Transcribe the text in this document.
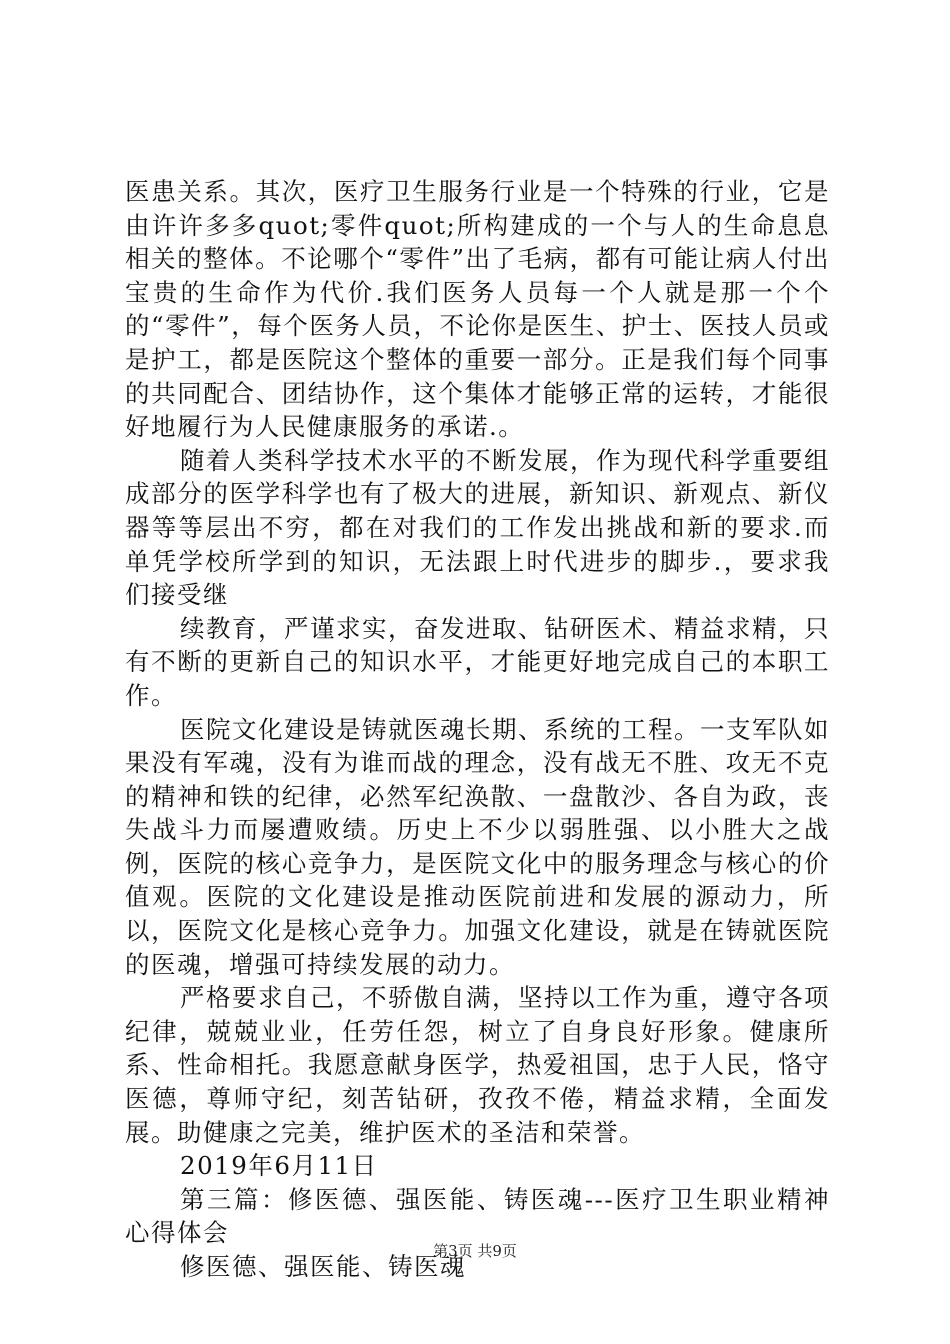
医患关系。其次，医疗卫生服务行业是一个特殊的行业，它是由许许多多quot;零件quot;所构建成的一个与人的生命息息相关的整体。不论哪个“零件”出了毛病，都有可能让病人付出宝贵的生命作为代价.我们医务人员每一个人就是那一个个的“零件”，每个医务人员，不论你是医生、护士、医技人员或是护工，都是医院这个整体的重要一部分。正是我们每个同事的共同配合、团结协作，这个集体才能够正常的运转，才能很好地履行为人民健康服务的承诺.。

随着人类科学技术水平的不断发展，作为现代科学重要组成部分的医学科学也有了极大的进展，新知识、新观点、新仪器等等层出不穷，都在对我们的工作发出挑战和新的要求.而单凭学校所学到的知识，无法跟上时代进步的脚步.，要求我们接受继

续教育，严谨求实，奋发进取、钻研医术、精益求精，只有不断的更新自己的知识水平，才能更好地完成自己的本职工作。

医院文化建设是铸就医魂长期、系统的工程。一支军队如果没有军魂，没有为谁而战的理念，没有战无不胜、攻无不克的精神和铁的纪律，必然军纪涣散、一盘散沙、各自为政，丧失战斗力而屡遭败绩。历史上不少以弱胜强、以小胜大之战例，医院的核心竞争力，是医院文化中的服务理念与核心的价值观。医院的文化建设是推动医院前进和发展的源动力，所以，医院文化是核心竞争力。加强文化建设，就是在铸就医院的医魂，增强可持续发展的动力。

严格要求自己，不骄傲自满，坚持以工作为重，遵守各项纪律，兢兢业业，任劳任怨，树立了自身良好形象。健康所系、性命相托。我愿意献身医学，热爱祖国，忠于人民，恪守医德，尊师守纪，刻苦钻研，孜孜不倦，精益求精，全面发展。助健康之完美，维护医术的圣洁和荣誉。

2019年6月11日

第三篇：修医德、强医能、铸医魂---医疗卫生职业精神心得体会

修医德、强医能、铸医魂

第3页 共9页
